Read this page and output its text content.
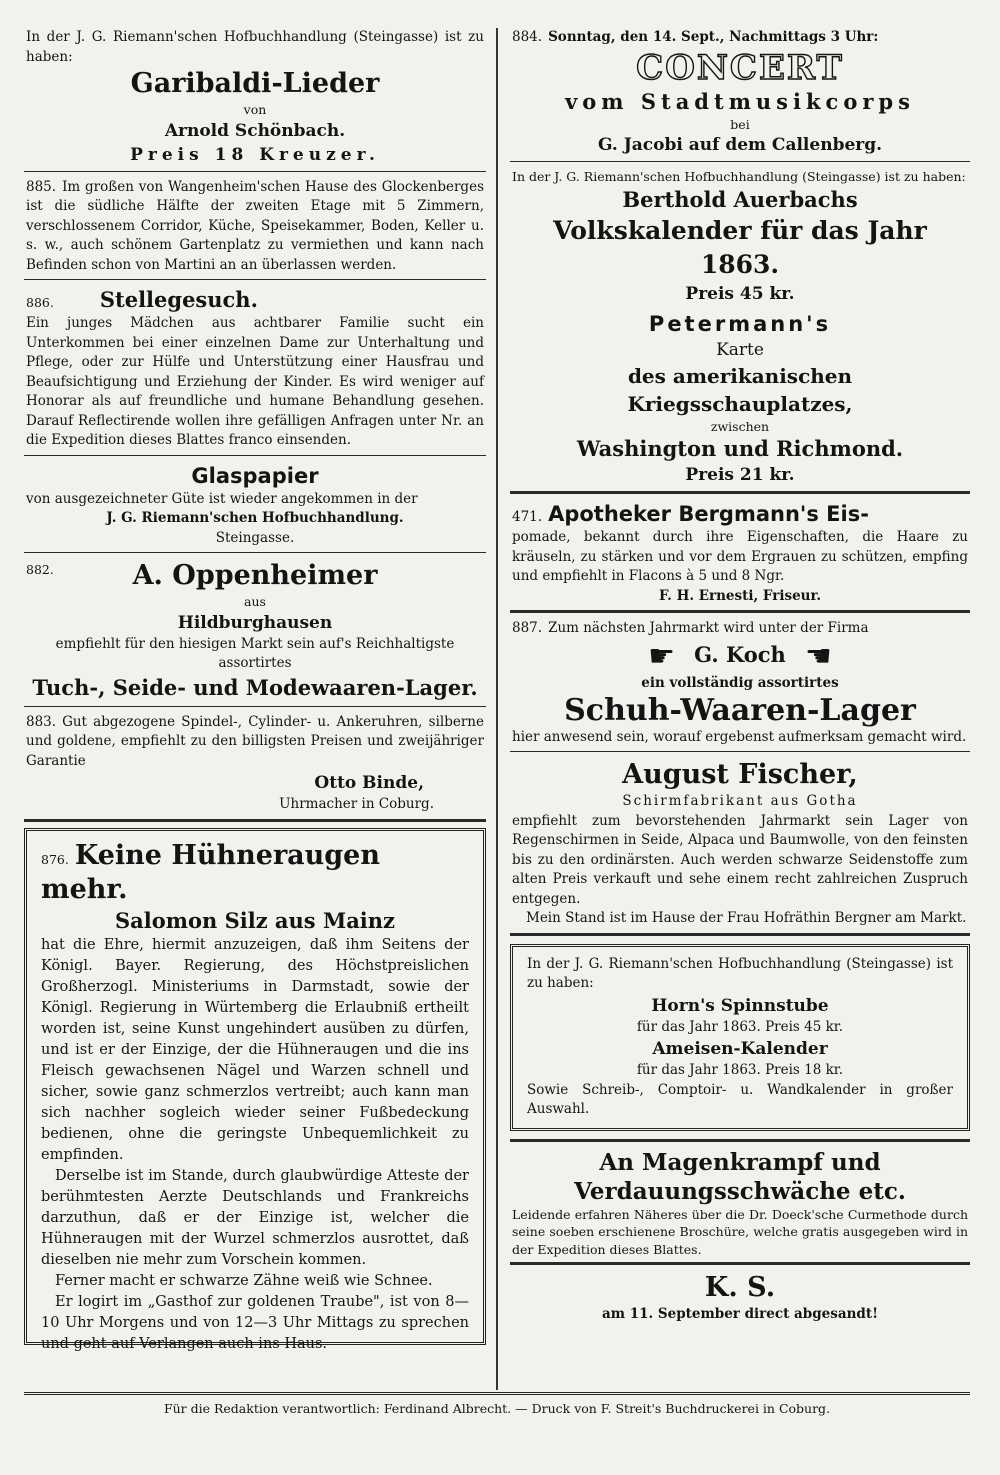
In der J. G. Riemann'schen Hofbuchhandlung (Steingasse) ist zu haben:

Garibaldi-Lieder

von

Arnold Schönbach.

Preis 18 Kreuzer.

885. Im großen von Wangenheim'schen Hause des Glockenberges ist die südliche Hälfte der zweiten Etage mit 5 Zimmern, verschlossenem Corridor, Küche, Speisekammer, Boden, Keller u. s. w., auch schönem Gartenplatz zu vermiethen und kann nach Befinden schon von Martini an an überlassen werden.

886. Stellegesuch.

Ein junges Mädchen aus achtbarer Familie sucht ein Unterkommen bei einer einzelnen Dame zur Unterhaltung und Pflege, oder zur Hülfe und Unterstützung einer Hausfrau und Beaufsichtigung und Erziehung der Kinder. Es wird weniger auf Honorar als auf freundliche und humane Behandlung gesehen. Darauf Reflectirende wollen ihre gefälligen Anfragen unter Nr. an die Expedition dieses Blattes franco einsenden.

Glaspapier

von ausgezeichneter Güte ist wieder angekommen in der

J. G. Riemann'schen Hofbuchhandlung.

Steingasse.

882.	A. Oppenheimer

aus

Hildburghausen

empfiehlt für den hiesigen Markt sein auf's Reichhaltigste assortirtes

Tuch-, Seide- und Modewaaren-Lager.

883. Gut abgezogene Spindel-, Cylinder- u. Ankeruhren, silberne und goldene, empfiehlt zu den billigsten Preisen und zweijähriger Garantie

Otto Binde,

Uhrmacher in Coburg.

876. Keine Hühneraugen mehr.

Salomon Silz aus Mainz

hat die Ehre, hiermit anzuzeigen, daß ihm Seitens der Königl. Bayer. Regierung, des Höchstpreislichen Großherzogl. Ministeriums in Darmstadt, sowie der Königl. Regierung in Würtemberg die Erlaubniß ertheilt worden ist, seine Kunst ungehindert ausüben zu dürfen, und ist er der Einzige, der die Hühneraugen und die ins Fleisch gewachsenen Nägel und Warzen schnell und sicher, sowie ganz schmerzlos vertreibt; auch kann man sich nachher sogleich wieder seiner Fußbedeckung bedienen, ohne die geringste Unbequemlichkeit zu empfinden.

Derselbe ist im Stande, durch glaubwürdige Atteste der berühmtesten Aerzte Deutschlands und Frankreichs darzuthun, daß er der Einzige ist, welcher die Hühneraugen mit der Wurzel schmerzlos ausrottet, daß dieselben nie mehr zum Vorschein kommen.

Ferner macht er schwarze Zähne weiß wie Schnee.

Er logirt im „Gasthof zur goldenen Traube", ist von 8—10 Uhr Morgens und von 12—3 Uhr Mittags zu sprechen und geht auf Verlangen auch ins Haus.

884. Sonntag, den 14. Sept., Nachmittags 3 Uhr:

CONCERT

vom Stadtmusikcorps

bei

G. Jacobi auf dem Callenberg.

In der J. G. Riemann'schen Hofbuchhandlung (Steingasse) ist zu haben:

Berthold Auerbachs

Volkskalender für das Jahr 1863.

Preis 45 kr.

Petermann's

Karte

des amerikanischen Kriegsschauplatzes,

zwischen

Washington und Richmond.

Preis 21 kr.

471. Apotheker Bergmann's Eis-

pomade, bekannt durch ihre Eigenschaften, die Haare zu kräuseln, zu stärken und vor dem Ergrauen zu schützen, empfing und empfiehlt in Flacons à 5 und 8 Ngr.

F. H. Ernesti, Friseur.

887. Zum nächsten Jahrmarkt wird unter der Firma

☛ G. Koch ☛

ein vollständig assortirtes

Schuh-Waaren-Lager

hier anwesend sein, worauf ergebenst aufmerksam gemacht wird.

August Fischer,

Schirmfabrikant aus Gotha

empfiehlt zum bevorstehenden Jahrmarkt sein Lager von Regenschirmen in Seide, Alpaca und Baumwolle, von den feinsten bis zu den ordinärsten. Auch werden schwarze Seidenstoffe zum alten Preis verkauft und sehe einem recht zahlreichen Zuspruch entgegen.

Mein Stand ist im Hause der Frau Hofräthin Bergner am Markt.

In der J. G. Riemann'schen Hofbuchhandlung (Steingasse) ist zu haben:

Horn's Spinnstube

für das Jahr 1863. Preis 45 kr.

Ameisen-Kalender

für das Jahr 1863. Preis 18 kr.

Sowie Schreib-, Comptoir- u. Wandkalender in großer Auswahl.

An Magenkrampf und Verdauungsschwäche etc.

Leidende erfahren Näheres über die Dr. Doeck'sche Curmethode durch seine soeben erschienene Broschüre, welche gratis ausgegeben wird in der Expedition dieses Blattes.

K. S.

am 11. September direct abgesandt!

Für die Redaktion verantwortlich: Ferdinand Albrecht. — Druck von F. Streit's Buchdruckerei in Coburg.
